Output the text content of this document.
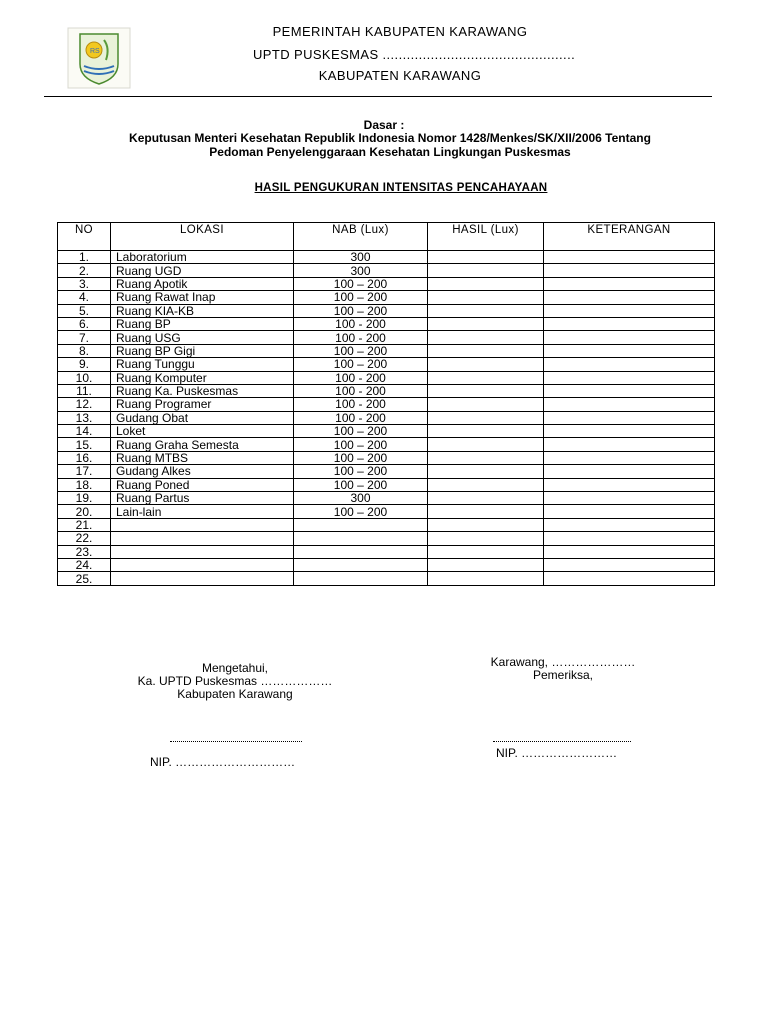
RS
PEMERINTAH KABUPATEN KARAWANG
UPTD PUSKESMAS ................................................
KABUPATEN KARAWANG
Dasar :
Keputusan Menteri Kesehatan Republik Indonesia Nomor 1428/Menkes/SK/XII/2006 Tentang
Pedoman Penyelenggaraan Kesehatan Lingkungan Puskesmas
HASIL PENGUKURAN INTENSITAS PENCAHAYAAN
NO	LOKASI	NAB (Lux)	HASIL (Lux)	KETERANGAN
1.	Laboratorium	300		
2.	Ruang UGD	300		
3.	Ruang Apotik	100 – 200		
4.	Ruang Rawat Inap	100 – 200		
5.	Ruang KIA-KB	100 – 200		
6.	Ruang BP	100 - 200		
7.	Ruang USG	100 - 200		
8.	Ruang BP Gigi	100 – 200		
9.	Ruang Tunggu	100 – 200		
10.	Ruang Komputer	100 - 200		
11.	Ruang Ka. Puskesmas	100 - 200		
12.	Ruang Programer	100 - 200		
13.	Gudang Obat	100 - 200		
14.	Loket	100 – 200		
15.	Ruang Graha Semesta	100 – 200		
16.	Ruang MTBS	100 – 200		
17.	Gudang Alkes	100 – 200		
18.	Ruang Poned	100 – 200		
19.	Ruang Partus	300		
20.	Lain-lain	100 – 200		
21.				
22.				
23.				
24.				
25.				
Mengetahui,
Ka. UPTD Puskesmas ………………
Kabupaten Karawang
NIP. …………………………
Karawang, …………………
Pemeriksa,
NIP. ……………………
